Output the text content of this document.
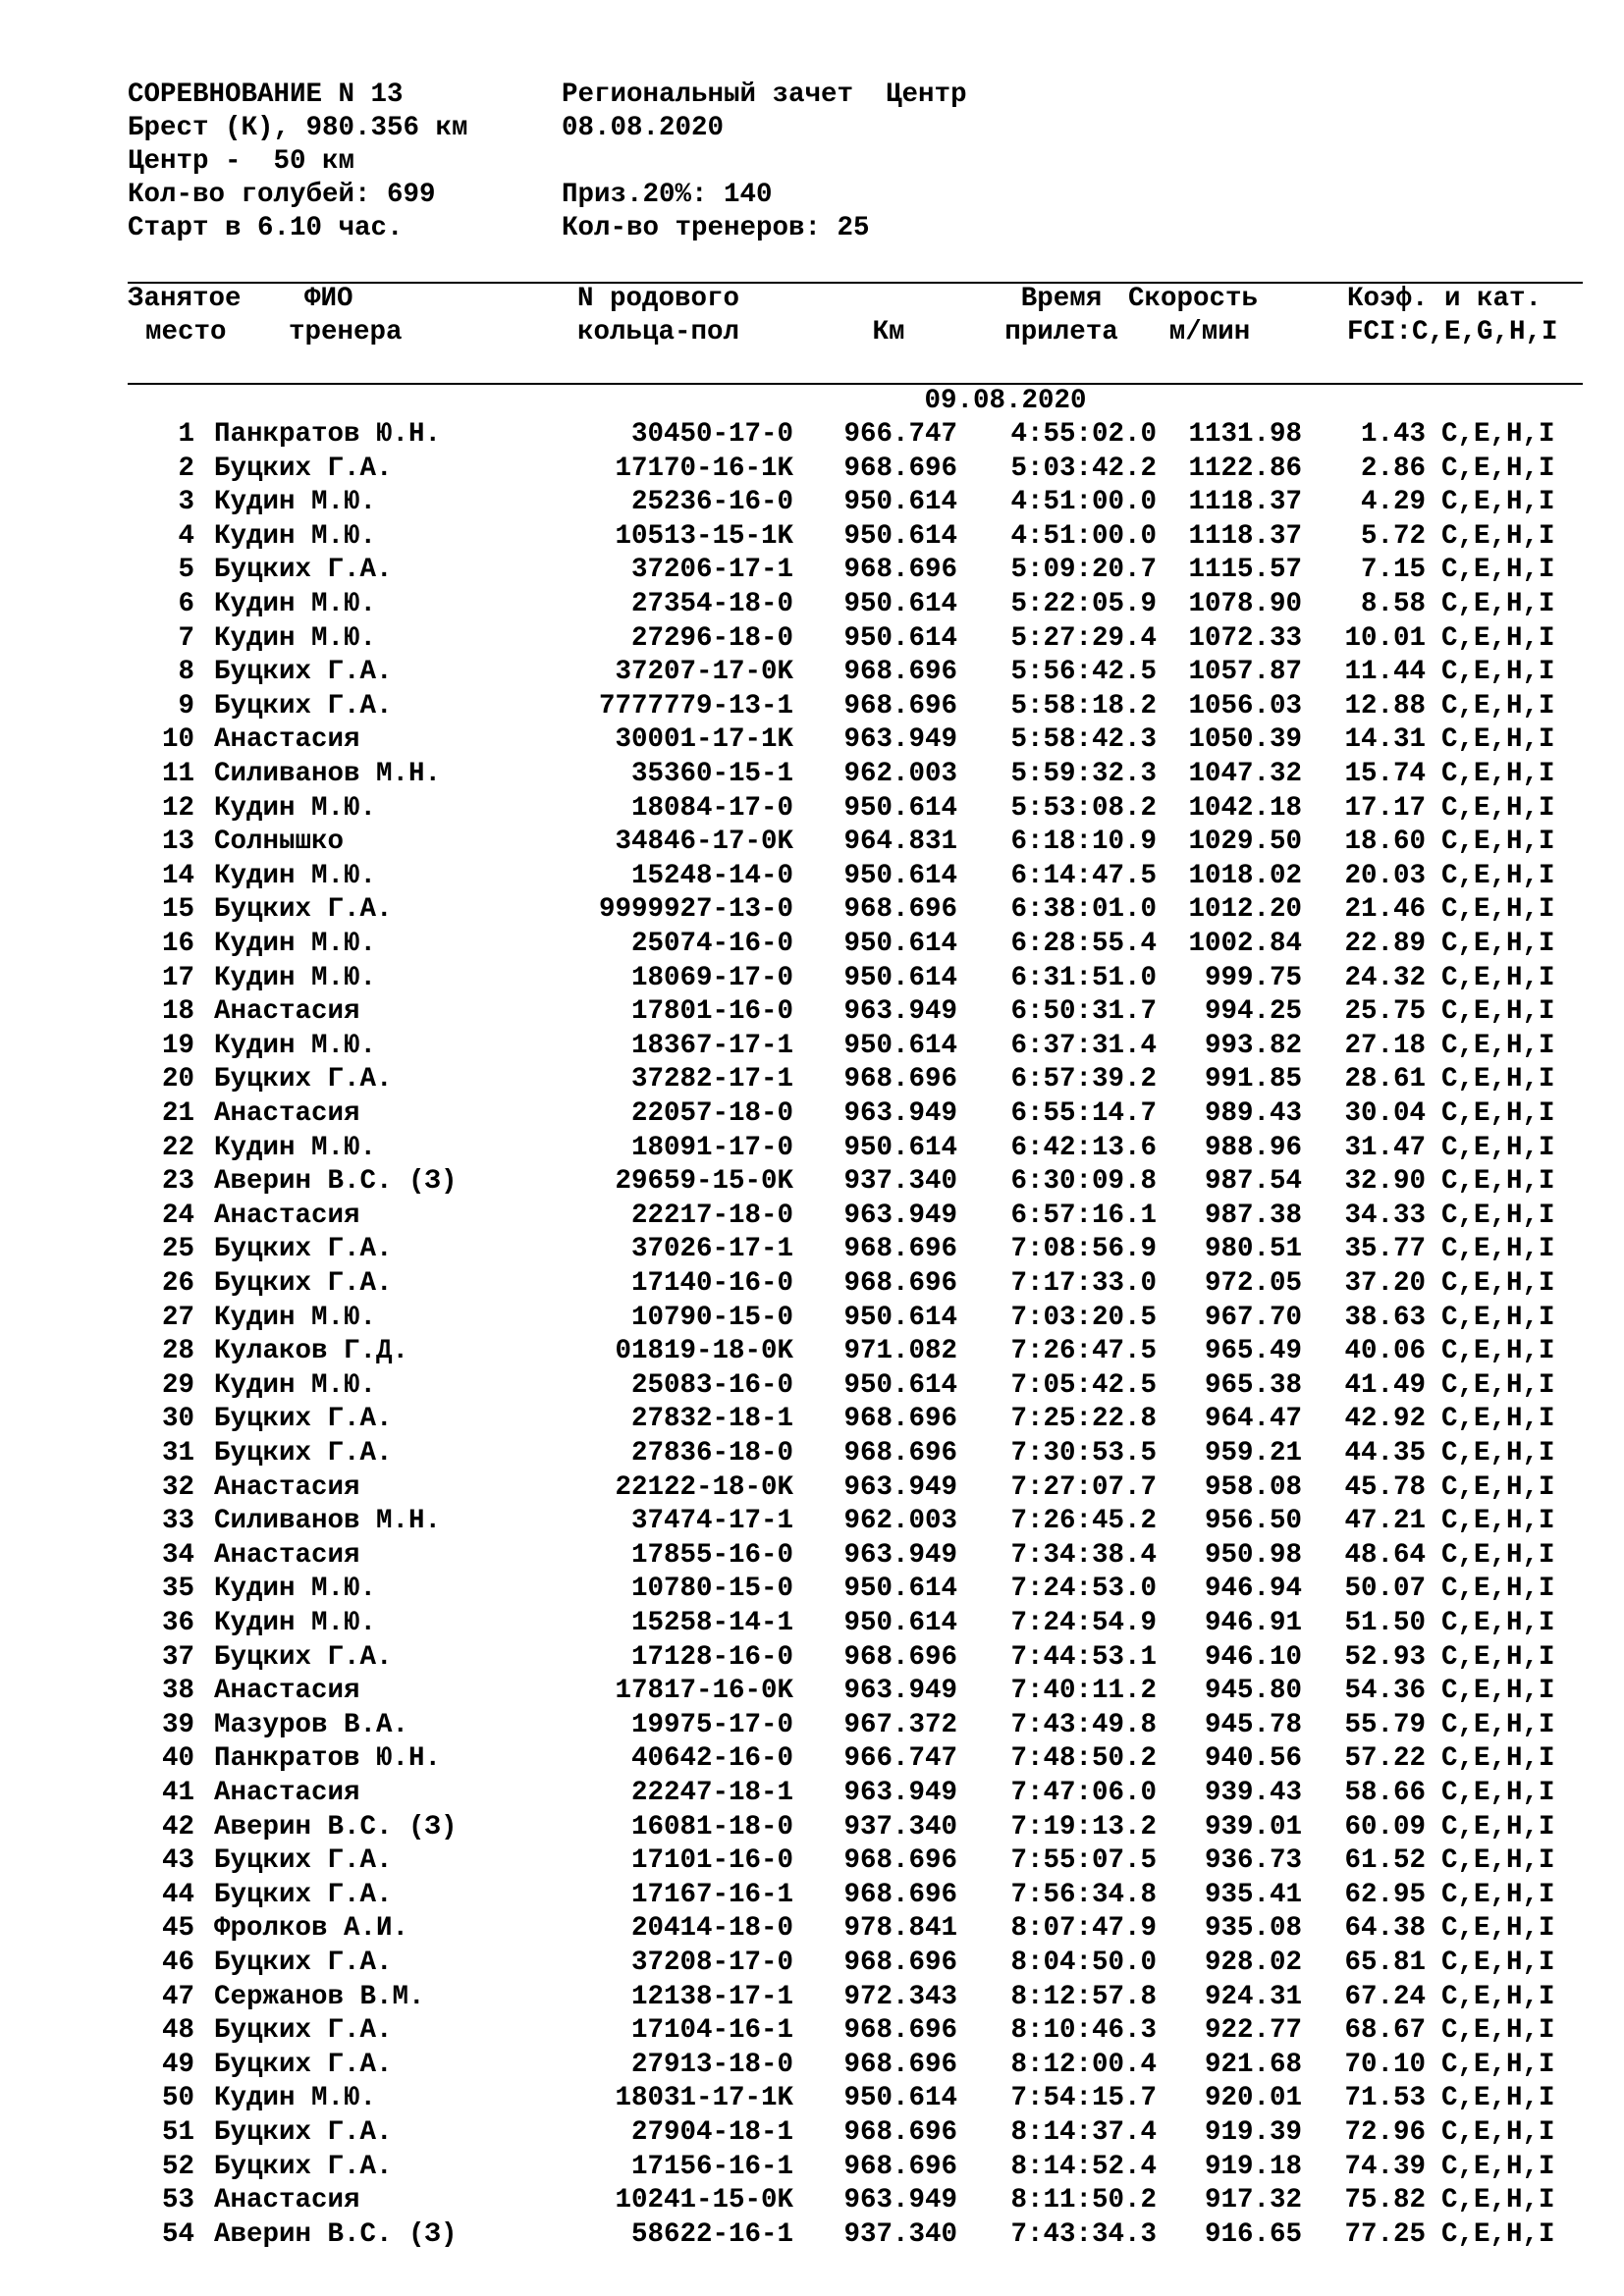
СОРЕВНОВАНИЕ N 13
Брест (К), 980.356 км
Центр -  50 км
Кол-во голубей: 699
Старт в 6.10 час.
Региональный зачет  Центр
08.08.2020
Приз.20%: 140
Кол-во тренеров: 25
Занятое ФИО	N родового	Время Скорость	Коэф. и кат.
место тренера	кольца-пол	Км	прилета	м/мин	FCI:C,E,G,H,I
09.08.2020
1 Панкратов Ю.Н.	30450-17-0	966.747	4:55:02.0	1131.98	1.43 C,E,H,I
2 Буцких Г.А.	17170-16-1K	968.696	5:03:42.2	1122.86	2.86 C,E,H,I
3 Кудин М.Ю.	25236-16-0	950.614	4:51:00.0	1118.37	4.29 C,E,H,I
4 Кудин М.Ю.	10513-15-1K	950.614	4:51:00.0	1118.37	5.72 C,E,H,I
5 Буцких Г.А.	37206-17-1	968.696	5:09:20.7	1115.57	7.15 C,E,H,I
6 Кудин М.Ю.	27354-18-0	950.614	5:22:05.9	1078.90	8.58 C,E,H,I
7 Кудин М.Ю.	27296-18-0	950.614	5:27:29.4	1072.33	10.01 C,E,H,I
8 Буцких Г.А.	37207-17-0K	968.696	5:56:42.5	1057.87	11.44 C,E,H,I
9 Буцких Г.А.	7777779-13-1	968.696	5:58:18.2	1056.03	12.88 C,E,H,I
10 Анастасия	30001-17-1K	963.949	5:58:42.3	1050.39	14.31 C,E,H,I
11 Силиванов М.Н.	35360-15-1	962.003	5:59:32.3	1047.32	15.74 C,E,H,I
12 Кудин М.Ю.	18084-17-0	950.614	5:53:08.2	1042.18	17.17 C,E,H,I
13 Солнышко	34846-17-0K	964.831	6:18:10.9	1029.50	18.60 C,E,H,I
14 Кудин М.Ю.	15248-14-0	950.614	6:14:47.5	1018.02	20.03 C,E,H,I
15 Буцких Г.А.	9999927-13-0	968.696	6:38:01.0	1012.20	21.46 C,E,H,I
16 Кудин М.Ю.	25074-16-0	950.614	6:28:55.4	1002.84	22.89 C,E,H,I
17 Кудин М.Ю.	18069-17-0	950.614	6:31:51.0	999.75	24.32 C,E,H,I
18 Анастасия	17801-16-0	963.949	6:50:31.7	994.25	25.75 C,E,H,I
19 Кудин М.Ю.	18367-17-1	950.614	6:37:31.4	993.82	27.18 C,E,H,I
20 Буцких Г.А.	37282-17-1	968.696	6:57:39.2	991.85	28.61 C,E,H,I
21 Анастасия	22057-18-0	963.949	6:55:14.7	989.43	30.04 C,E,H,I
22 Кудин М.Ю.	18091-17-0	950.614	6:42:13.6	988.96	31.47 C,E,H,I
23 Аверин В.С. (З)	29659-15-0K	937.340	6:30:09.8	987.54	32.90 C,E,H,I
24 Анастасия	22217-18-0	963.949	6:57:16.1	987.38	34.33 C,E,H,I
25 Буцких Г.А.	37026-17-1	968.696	7:08:56.9	980.51	35.77 C,E,H,I
26 Буцких Г.А.	17140-16-0	968.696	7:17:33.0	972.05	37.20 C,E,H,I
27 Кудин М.Ю.	10790-15-0	950.614	7:03:20.5	967.70	38.63 C,E,H,I
28 Кулаков Г.Д.	01819-18-0K	971.082	7:26:47.5	965.49	40.06 C,E,H,I
29 Кудин М.Ю.	25083-16-0	950.614	7:05:42.5	965.38	41.49 C,E,H,I
30 Буцких Г.А.	27832-18-1	968.696	7:25:22.8	964.47	42.92 C,E,H,I
31 Буцких Г.А.	27836-18-0	968.696	7:30:53.5	959.21	44.35 C,E,H,I
32 Анастасия	22122-18-0K	963.949	7:27:07.7	958.08	45.78 C,E,H,I
33 Силиванов М.Н.	37474-17-1	962.003	7:26:45.2	956.50	47.21 C,E,H,I
34 Анастасия	17855-16-0	963.949	7:34:38.4	950.98	48.64 C,E,H,I
35 Кудин М.Ю.	10780-15-0	950.614	7:24:53.0	946.94	50.07 C,E,H,I
36 Кудин М.Ю.	15258-14-1	950.614	7:24:54.9	946.91	51.50 C,E,H,I
37 Буцких Г.А.	17128-16-0	968.696	7:44:53.1	946.10	52.93 C,E,H,I
38 Анастасия	17817-16-0K	963.949	7:40:11.2	945.80	54.36 C,E,H,I
39 Мазуров В.А.	19975-17-0	967.372	7:43:49.8	945.78	55.79 C,E,H,I
40 Панкратов Ю.Н.	40642-16-0	966.747	7:48:50.2	940.56	57.22 C,E,H,I
41 Анастасия	22247-18-1	963.949	7:47:06.0	939.43	58.66 C,E,H,I
42 Аверин В.С. (З)	16081-18-0	937.340	7:19:13.2	939.01	60.09 C,E,H,I
43 Буцких Г.А.	17101-16-0	968.696	7:55:07.5	936.73	61.52 C,E,H,I
44 Буцких Г.А.	17167-16-1	968.696	7:56:34.8	935.41	62.95 C,E,H,I
45 Фролков А.И.	20414-18-0	978.841	8:07:47.9	935.08	64.38 C,E,H,I
46 Буцких Г.А.	37208-17-0	968.696	8:04:50.0	928.02	65.81 C,E,H,I
47 Сержанов В.М.	12138-17-1	972.343	8:12:57.8	924.31	67.24 C,E,H,I
48 Буцких Г.А.	17104-16-1	968.696	8:10:46.3	922.77	68.67 C,E,H,I
49 Буцких Г.А.	27913-18-0	968.696	8:12:00.4	921.68	70.10 C,E,H,I
50 Кудин М.Ю.	18031-17-1K	950.614	7:54:15.7	920.01	71.53 C,E,H,I
51 Буцких Г.А.	27904-18-1	968.696	8:14:37.4	919.39	72.96 C,E,H,I
52 Буцких Г.А.	17156-16-1	968.696	8:14:52.4	919.18	74.39 C,E,H,I
53 Анастасия	10241-15-0K	963.949	8:11:50.2	917.32	75.82 C,E,H,I
54 Аверин В.С. (З)	58622-16-1	937.340	7:43:34.3	916.65	77.25 C,E,H,I
